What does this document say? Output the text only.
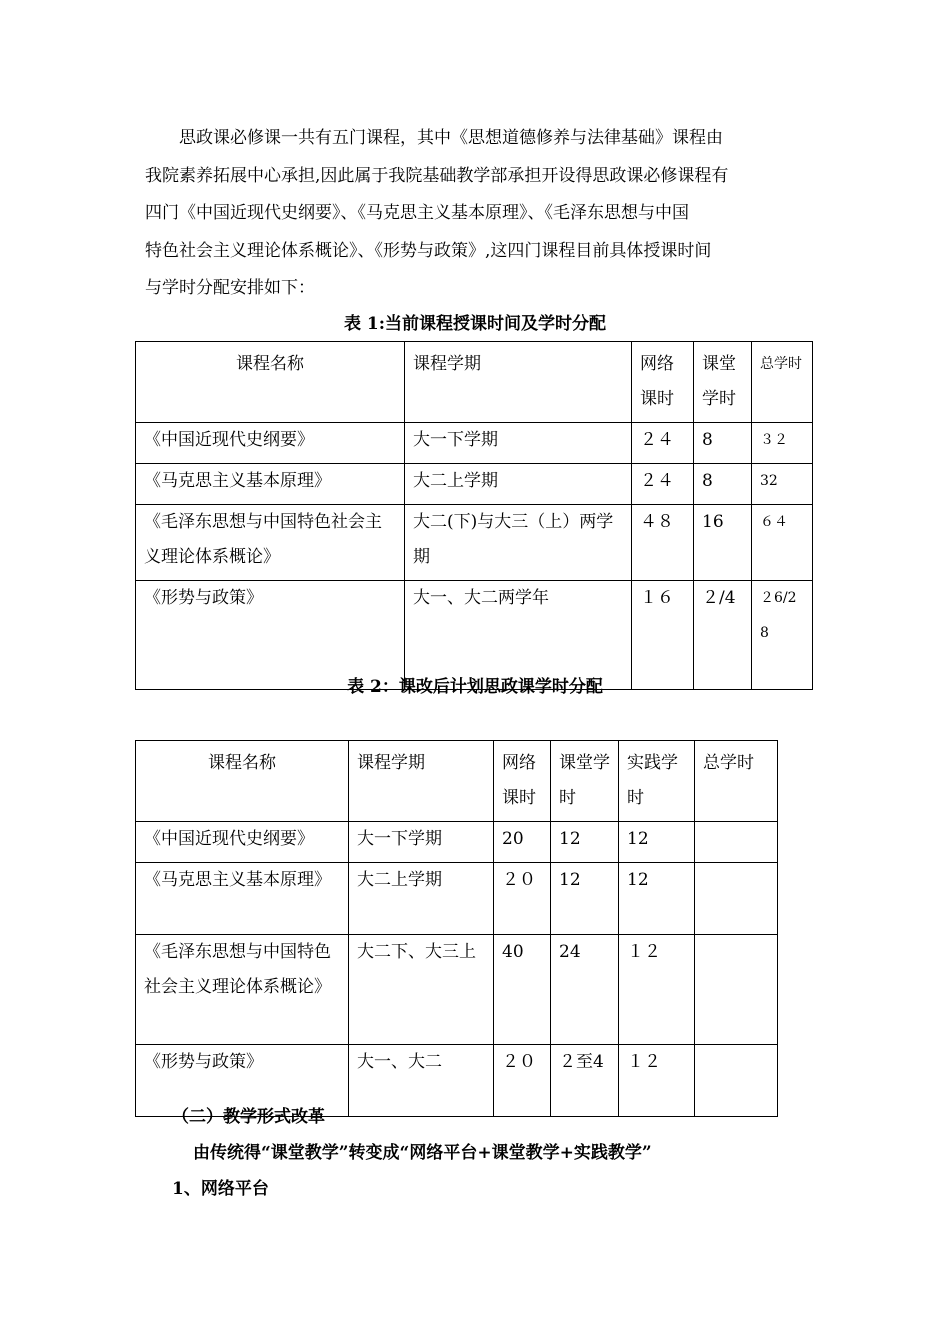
思政课必修课一共有五门课程，其中《思想道德修养与法律基础》课程由
我院素养拓展中心承担,因此属于我院基础教学部承担开设得思政课必修课程有
四门《中国近现代史纲要》、《马克思主义基本原理》、《毛泽东思想与中国
特色社会主义理论体系概论》、《形势与政策》,这四门课程目前具体授课时间
与学时分配安排如下：
表 1:当前课程授课时间及学时分配
课程名称	课程学期	网络课时	课堂学时	总学时
《中国近现代史纲要》	大一下学期	２４	8	３２
《马克思主义基本原理》	大二上学期	２４	8	32
《毛泽东思想与中国特色社会主义理论体系概论》	大二(下)与大三（上）两学期	４８	16	６４
《形势与政策》	大一、大二两学年	１６	２/4	２6/28
表 2：课改后计划思政课学时分配
课程名称	课程学期	网络课时	课堂学时	实践学时	总学时
《中国近现代史纲要》	大一下学期	20	12	12	
《马克思主义基本原理》	大二上学期	２０	12	12	
《毛泽东思想与中国特色社会主义理论体系概论》	大二下、大三上	40	24	１２	
《形势与政策》	大一、大二	２０	２至4	１２	
（二）教学形式改革
由传统得“课堂教学”转变成“网络平台+课堂教学+实践教学”
1、网络平台
